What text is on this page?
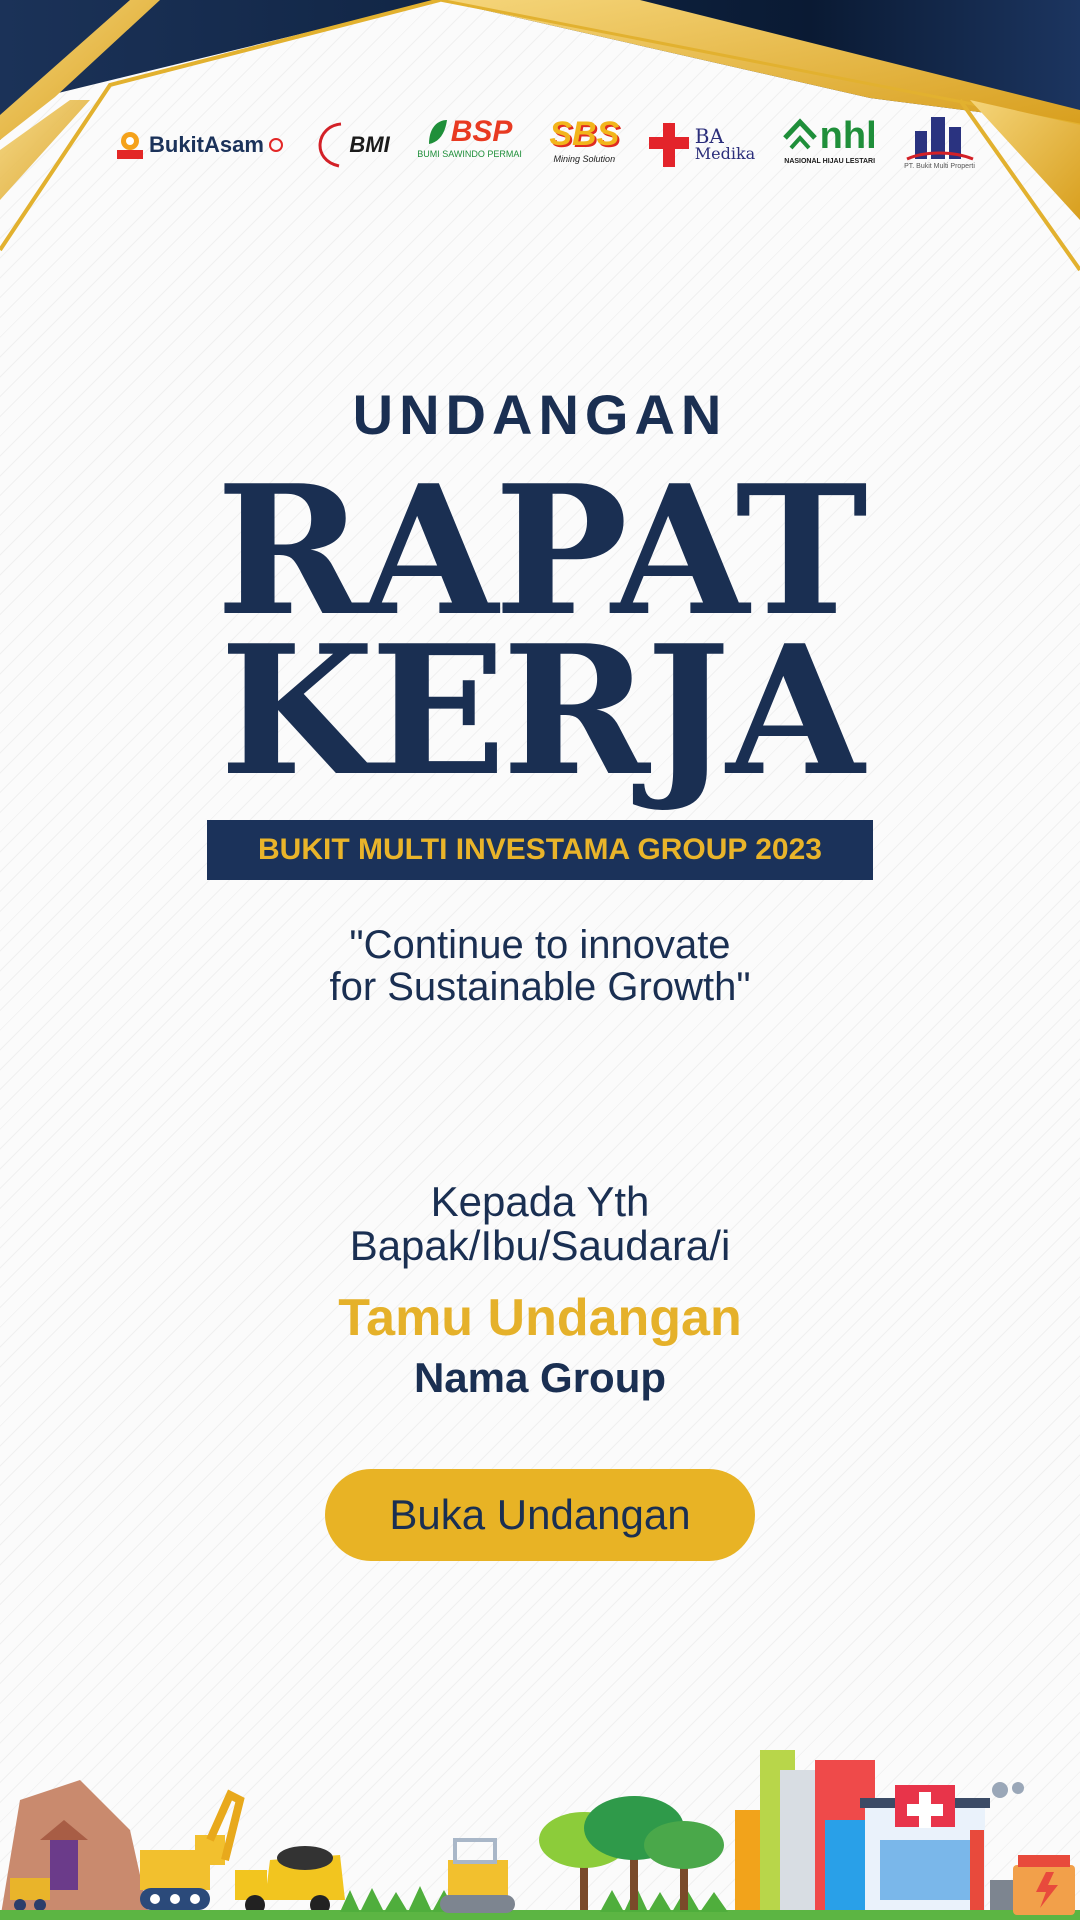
BukitAsam	BMI BSP
BUMI SAWINDO PERMAI
SBS
Mining Solution
BA
Medika nhl
NASIONAL HIJAU LESTARI
PT. Bukit Multi Properti
UNDANGAN
RAPAT
KERJA
BUKIT MULTI INVESTAMA GROUP 2023
"Continue to innovate
for Sustainable Growth"
Kepada Yth
Bapak/Ibu/Saudara/i
Tamu Undangan
Nama Group
Buka Undangan
